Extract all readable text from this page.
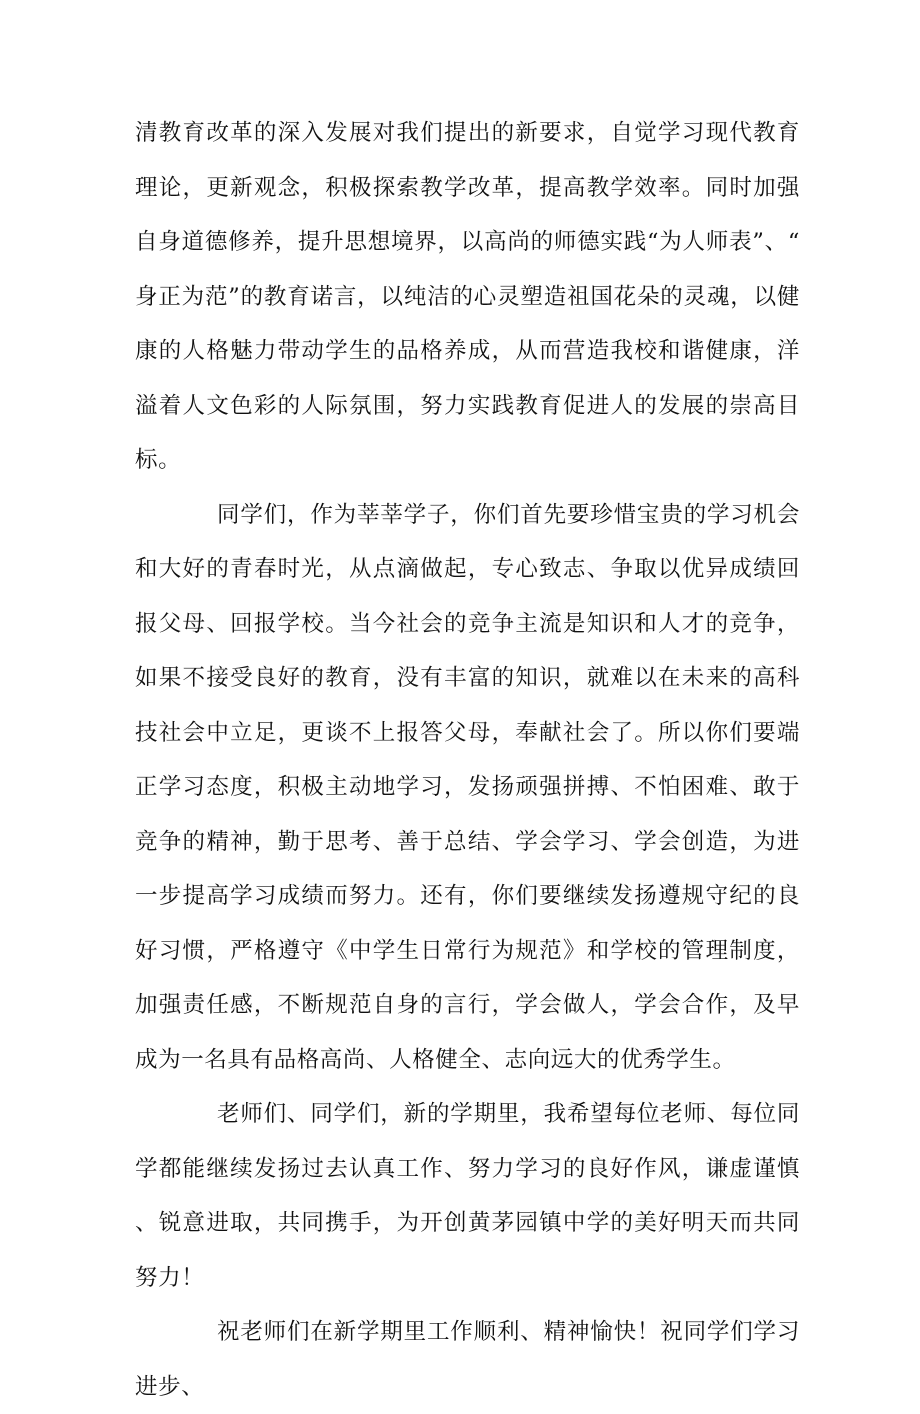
清教育改革的深入发展对我们提出的新要求，自觉学习现代教育理论，更新观念，积极探索教学改革，提高教学效率。同时加强自身道德修养，提升思想境界，以高尚的师德实践“为人师表”、“身正为范”的教育诺言，以纯洁的心灵塑造祖国花朵的灵魂，以健康的人格魅力带动学生的品格养成，从而营造我校和谐健康，洋溢着人文色彩的人际氛围，努力实践教育促进人的发展的崇高目标。

同学们，作为莘莘学子，你们首先要珍惜宝贵的学习机会和大好的青春时光，从点滴做起，专心致志、争取以优异成绩回报父母、回报学校。当今社会的竞争主流是知识和人才的竞争，如果不接受良好的教育，没有丰富的知识，就难以在未来的高科技社会中立足，更谈不上报答父母，奉献社会了。所以你们要端正学习态度，积极主动地学习，发扬顽强拼搏、不怕困难、敢于竞争的精神，勤于思考、善于总结、学会学习、学会创造，为进一步提高学习成绩而努力。还有，你们要继续发扬遵规守纪的良好习惯，严格遵守《中学生日常行为规范》和学校的管理制度，加强责任感，不断规范自身的言行，学会做人，学会合作，及早成为一名具有品格高尚、人格健全、志向远大的优秀学生。

老师们、同学们，新的学期里，我希望每位老师、每位同学都能继续发扬过去认真工作、努力学习的良好作风，谦虚谨慎、锐意进取，共同携手，为开创黄茅园镇中学的美好明天而共同努力！

祝老师们在新学期里工作顺利、精神愉快！祝同学们学习进步、
